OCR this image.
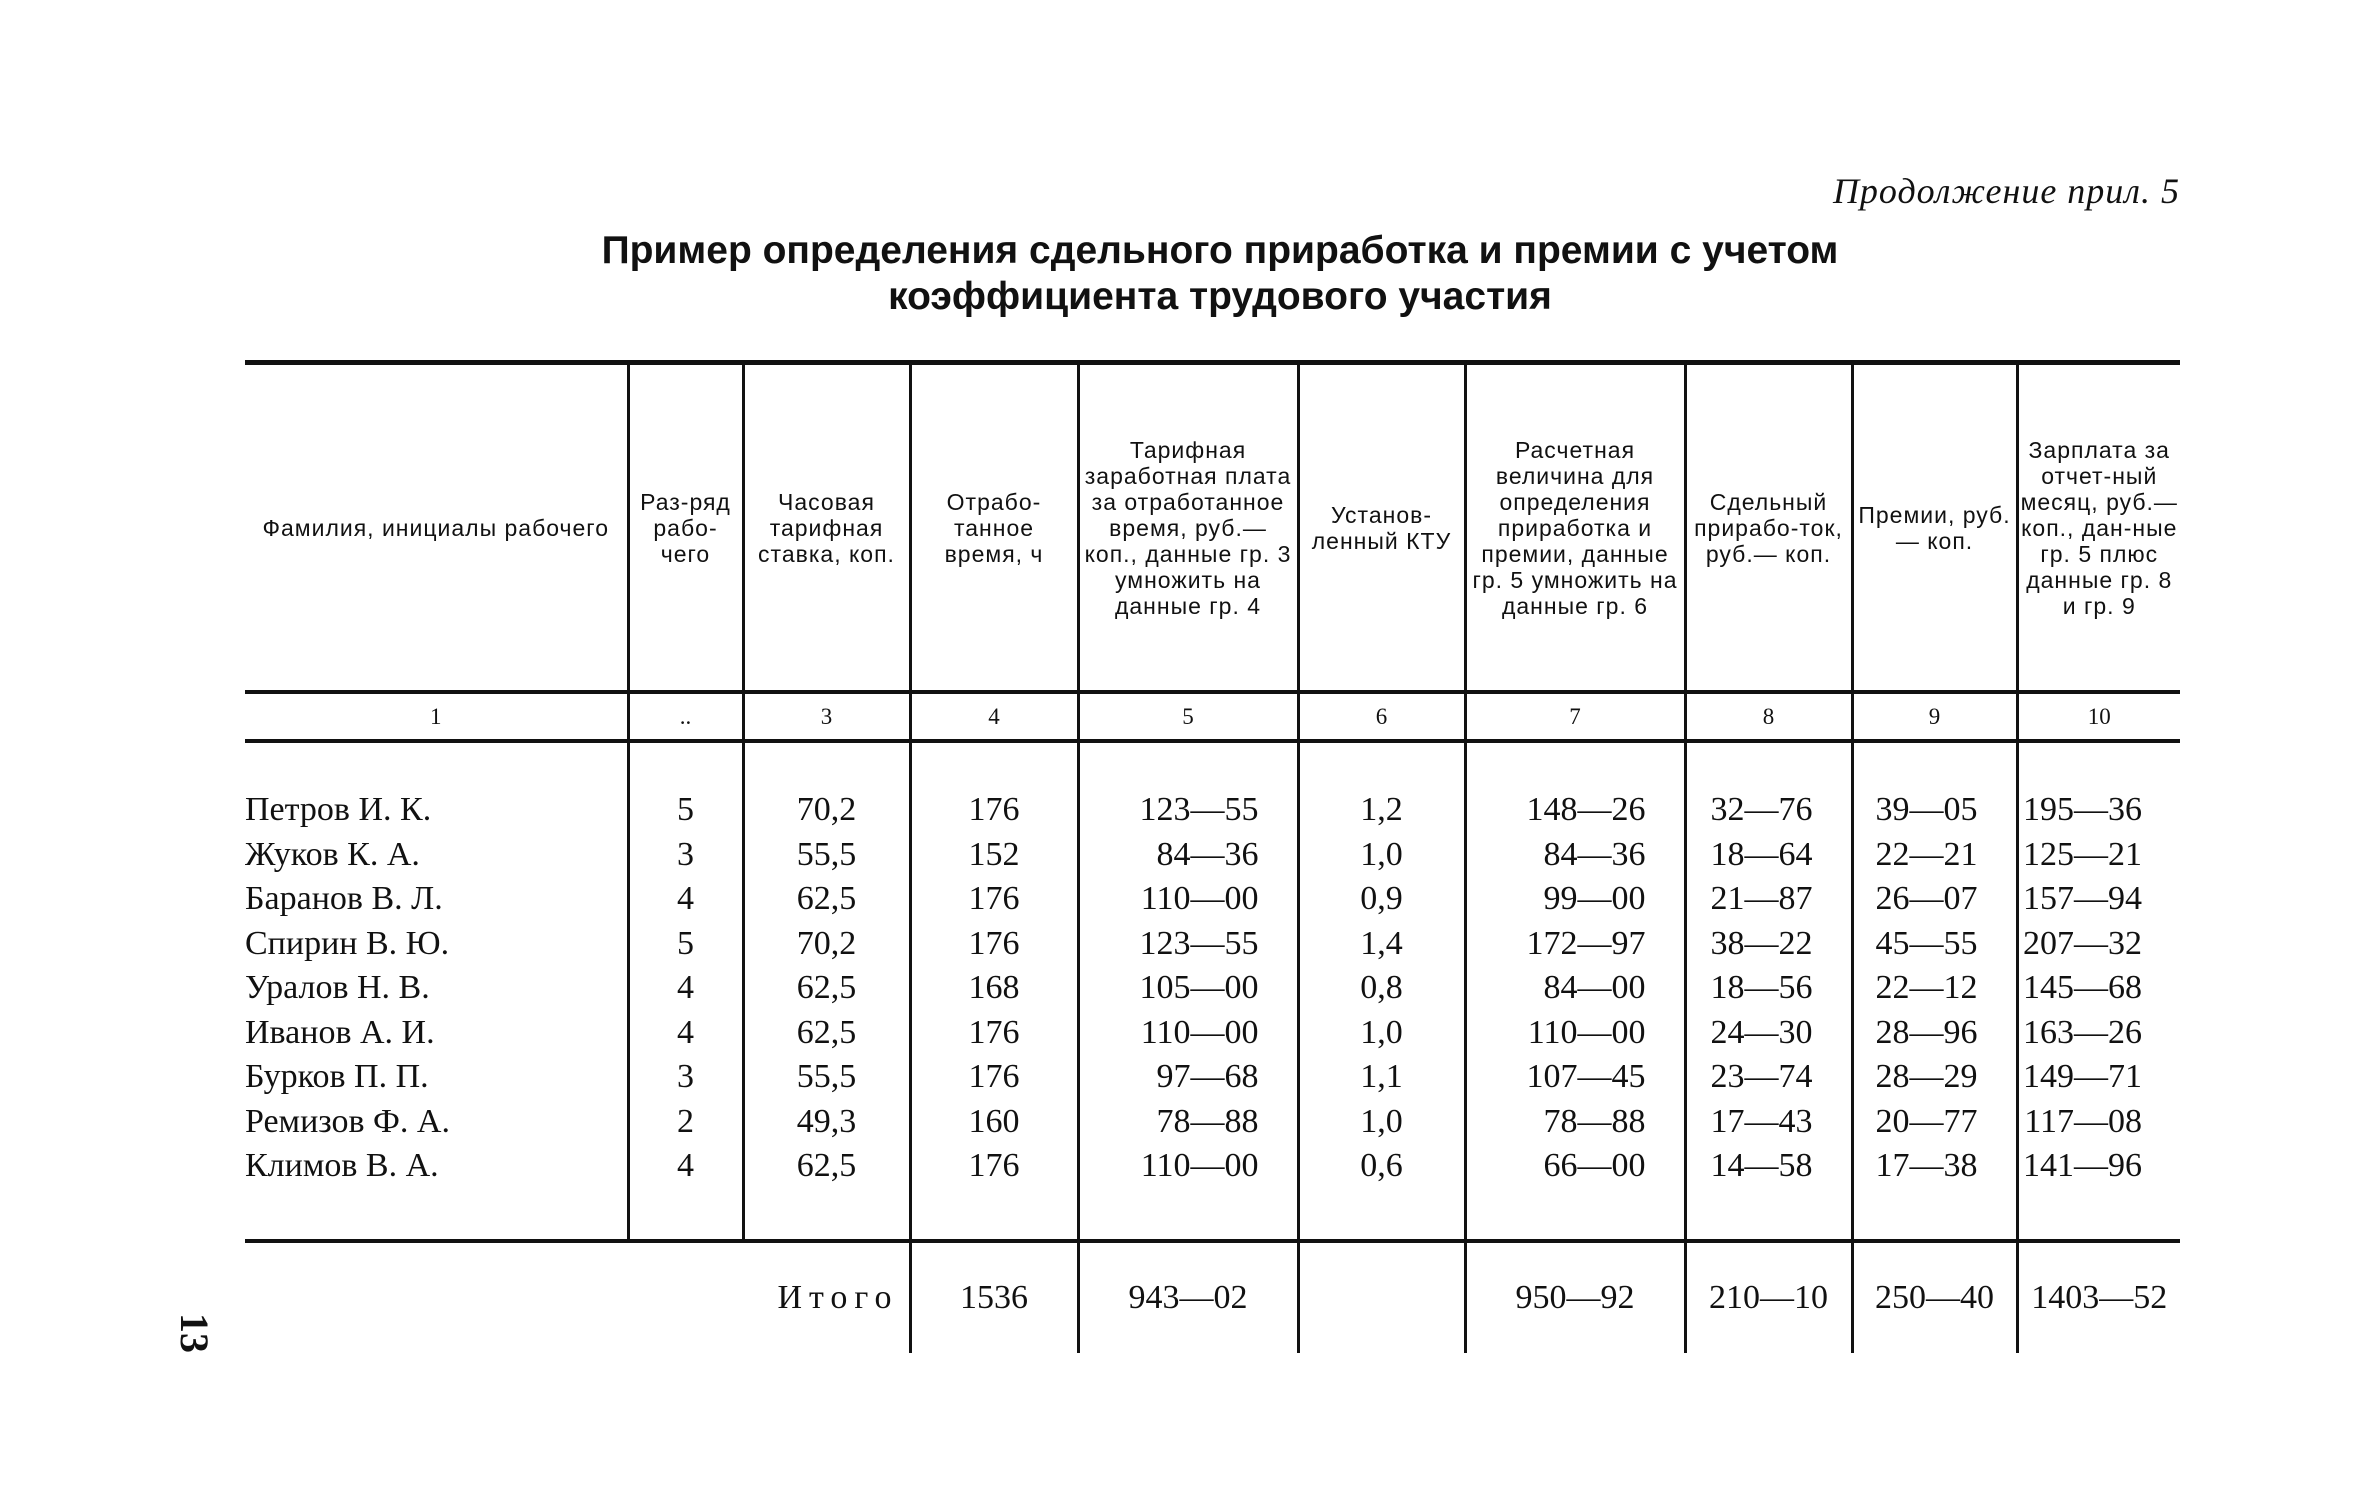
Продолжение прил. 5
Пример определения сдельного приработка и премии с учетом
коэффициента трудового участия
Фамилия, инициалы рабочего	Раз-ряд рабо-чего	Часовая тарифная ставка, коп.	Отрабо-танное время, ч	Тарифная заработная плата за отработанное время, руб.— коп., данные гр. 3 умножить на данные гр. 4	Установ-ленный КТУ	Расчетная величина для определения приработка и премии, данные гр. 5 умножить на данные гр. 6	Сдельный прирабо-ток, руб.— коп.	Премии, руб.— коп.	Зарплата за отчет-ный месяц, руб.— коп., дан-ные гр. 5 плюс данные гр. 8 и гр. 9
1	..	3	4	5	6	7	8	9	10

Петров И. К.	5	70,2	176	123—55	1,2	148—26	32—76	39—05	195—36
Жуков К. А.	3	55,5	152	84—36	1,0	84—36	18—64	22—21	125—21
Баранов В. Л.	4	62,5	176	110—00	0,9	99—00	21—87	26—07	157—94
Спирин В. Ю.	5	70,2	176	123—55	1,4	172—97	38—22	45—55	207—32
Уралов Н. В.	4	62,5	168	105—00	0,8	84—00	18—56	22—12	145—68
Иванов А. И.	4	62,5	176	110—00	1,0	110—00	24—30	28—96	163—26
Бурков П. П.	3	55,5	176	97—68	1,1	107—45	23—74	28—29	149—71
Ремизов Ф. А.	2	49,3	160	78—88	1,0	78—88	17—43	20—77	117—08
Климов В. А.	4	62,5	176	110—00	0,6	66—00	14—58	17—38	141—96

Итого			1536	943—02		950—92	210—10	250—40	1403—52
13
